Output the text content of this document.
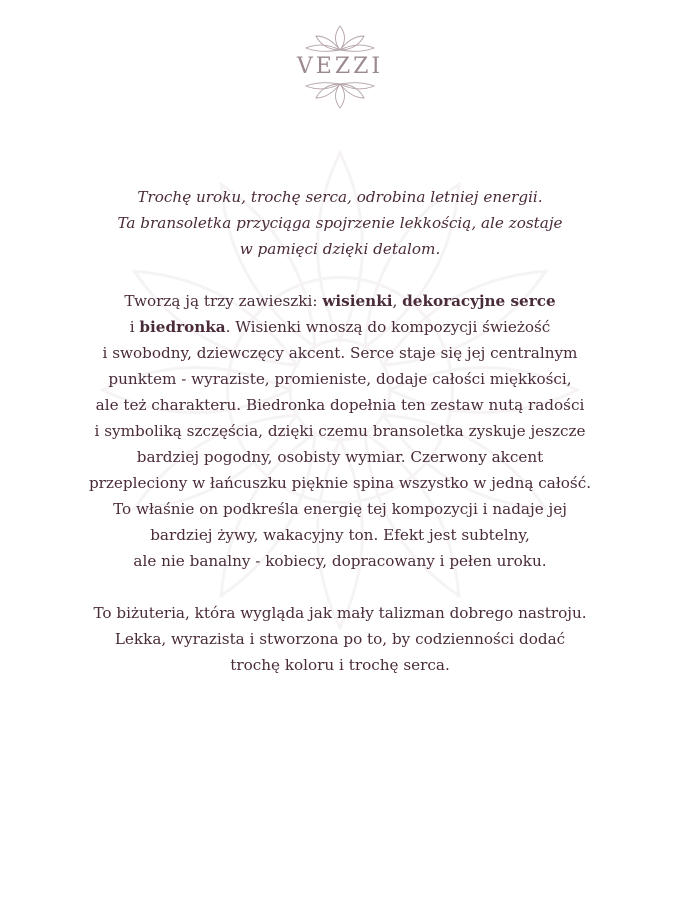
VEZZI
Trochę uroku, trochę serca, odrobina letniej energii.
Ta bransoletka przyciąga spojrzenie lekkością, ale zostaje
w pamięci dzięki detalom.
Tworzą ją trzy zawieszki: wisienki, dekoracyjne serce
i biedronka. Wisienki wnoszą do kompozycji świeżość
i swobodny, dziewczęcy akcent. Serce staje się jej centralnym
punktem - wyraziste, promieniste, dodaje całości miękkości,
ale też charakteru. Biedronka dopełnia ten zestaw nutą radości
i symboliką szczęścia, dzięki czemu bransoletka zyskuje jeszcze
bardziej pogodny, osobisty wymiar. Czerwony akcent
przepleciony w łańcuszku pięknie spina wszystko w jedną całość.
To właśnie on podkreśla energię tej kompozycji i nadaje jej
bardziej żywy, wakacyjny ton. Efekt jest subtelny,
ale nie banalny - kobiecy, dopracowany i pełen uroku.
To biżuteria, która wygląda jak mały talizman dobrego nastroju.
Lekka, wyrazista i stworzona po to, by codzienności dodać
trochę koloru i trochę serca.
